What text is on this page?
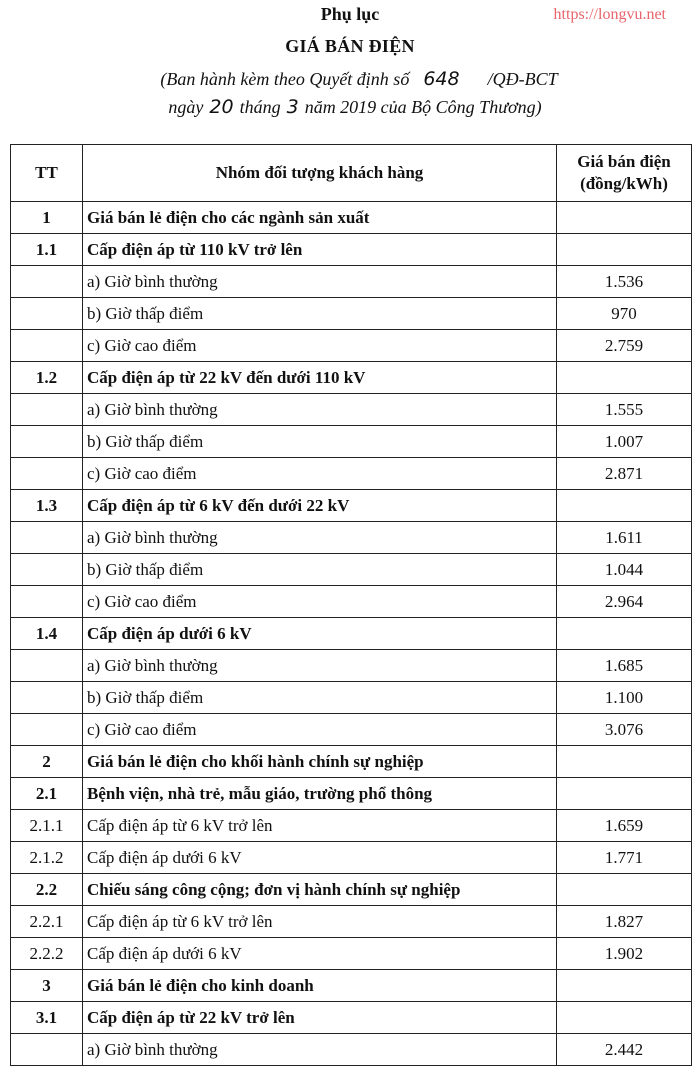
https://longvu.net
Phụ lục
GIÁ BÁN ĐIỆN
(Ban hành kèm theo Quyết định số 648 /QĐ-BCT
ngày 20 tháng 3 năm 2019 của Bộ Công Thương)
TT	Nhóm đối tượng khách hàng	Giá bán điện
(đồng/kWh)
1	Giá bán lẻ điện cho các ngành sản xuất	
1.1	Cấp điện áp từ 110 kV trở lên	
	a) Giờ bình thường	1.536
	b) Giờ thấp điểm	970
	c) Giờ cao điểm	2.759
1.2	Cấp điện áp từ 22 kV đến dưới 110 kV	
	a) Giờ bình thường	1.555
	b) Giờ thấp điểm	1.007
	c) Giờ cao điểm	2.871
1.3	Cấp điện áp từ 6 kV đến dưới 22 kV	
	a) Giờ bình thường	1.611
	b) Giờ thấp điểm	1.044
	c) Giờ cao điểm	2.964
1.4	Cấp điện áp dưới 6 kV	
	a) Giờ bình thường	1.685
	b) Giờ thấp điểm	1.100
	c) Giờ cao điểm	3.076
2	Giá bán lẻ điện cho khối hành chính sự nghiệp	
2.1	Bệnh viện, nhà trẻ, mẫu giáo, trường phổ thông	
2.1.1	Cấp điện áp từ 6 kV trở lên	1.659
2.1.2	Cấp điện áp dưới 6 kV	1.771
2.2	Chiếu sáng công cộng; đơn vị hành chính sự nghiệp	
2.2.1	Cấp điện áp từ 6 kV trở lên	1.827
2.2.2	Cấp điện áp dưới 6 kV	1.902
3	Giá bán lẻ điện cho kinh doanh	
3.1	Cấp điện áp từ 22 kV trở lên	
	a) Giờ bình thường	2.442
